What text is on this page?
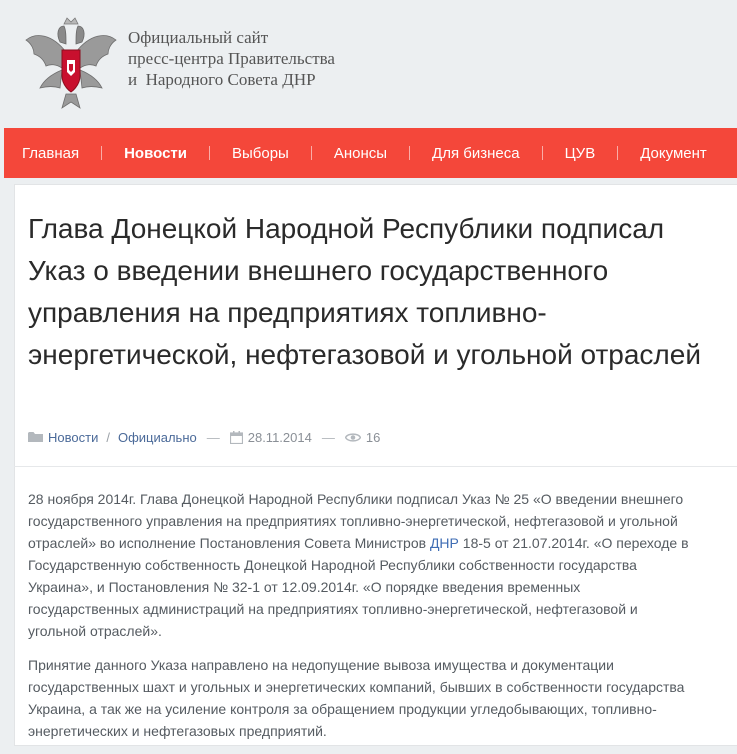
Официальный сайт
пресс-центра Правительства
и  Народного Совета ДНР
Главная	Новости	Выборы	Анонсы	Для бизнеса	ЦУВ	Документ
Глава Донецкой Народной Республики подписал Указ о введении внешнего государственного управления на предприятиях топливно-энергетической, нефтегазовой и угольной отраслей
Новости / Официально — 28.11.2014 — 16

28 ноября 2014г. Глава Донецкой Народной Республики подписал Указ № 25 «О введении внешнего государственного управления на предприятиях топливно-энергетической, нефтегазовой и угольной отраслей» во исполнение Постановления Совета Министров ДНР 18-5 от 21.07.2014г. «О переходе в Государственную собственность Донецкой Народной Республики собственности государства Украина», и Постановления № 32-1 от 12.09.2014г. «О порядке введения временных государственных администраций на предприятиях топливно-энергетической, нефтегазовой и угольной отраслей».

Принятие данного Указа направлено на недопущение вывоза имущества и документации государственных шахт и угольных и энергетических компаний, бывших в собственности государства Украина, а так же на усиление контроля за обращением продукции угледобывающих, топливно-энергетических и нефтегазовых предприятий.
